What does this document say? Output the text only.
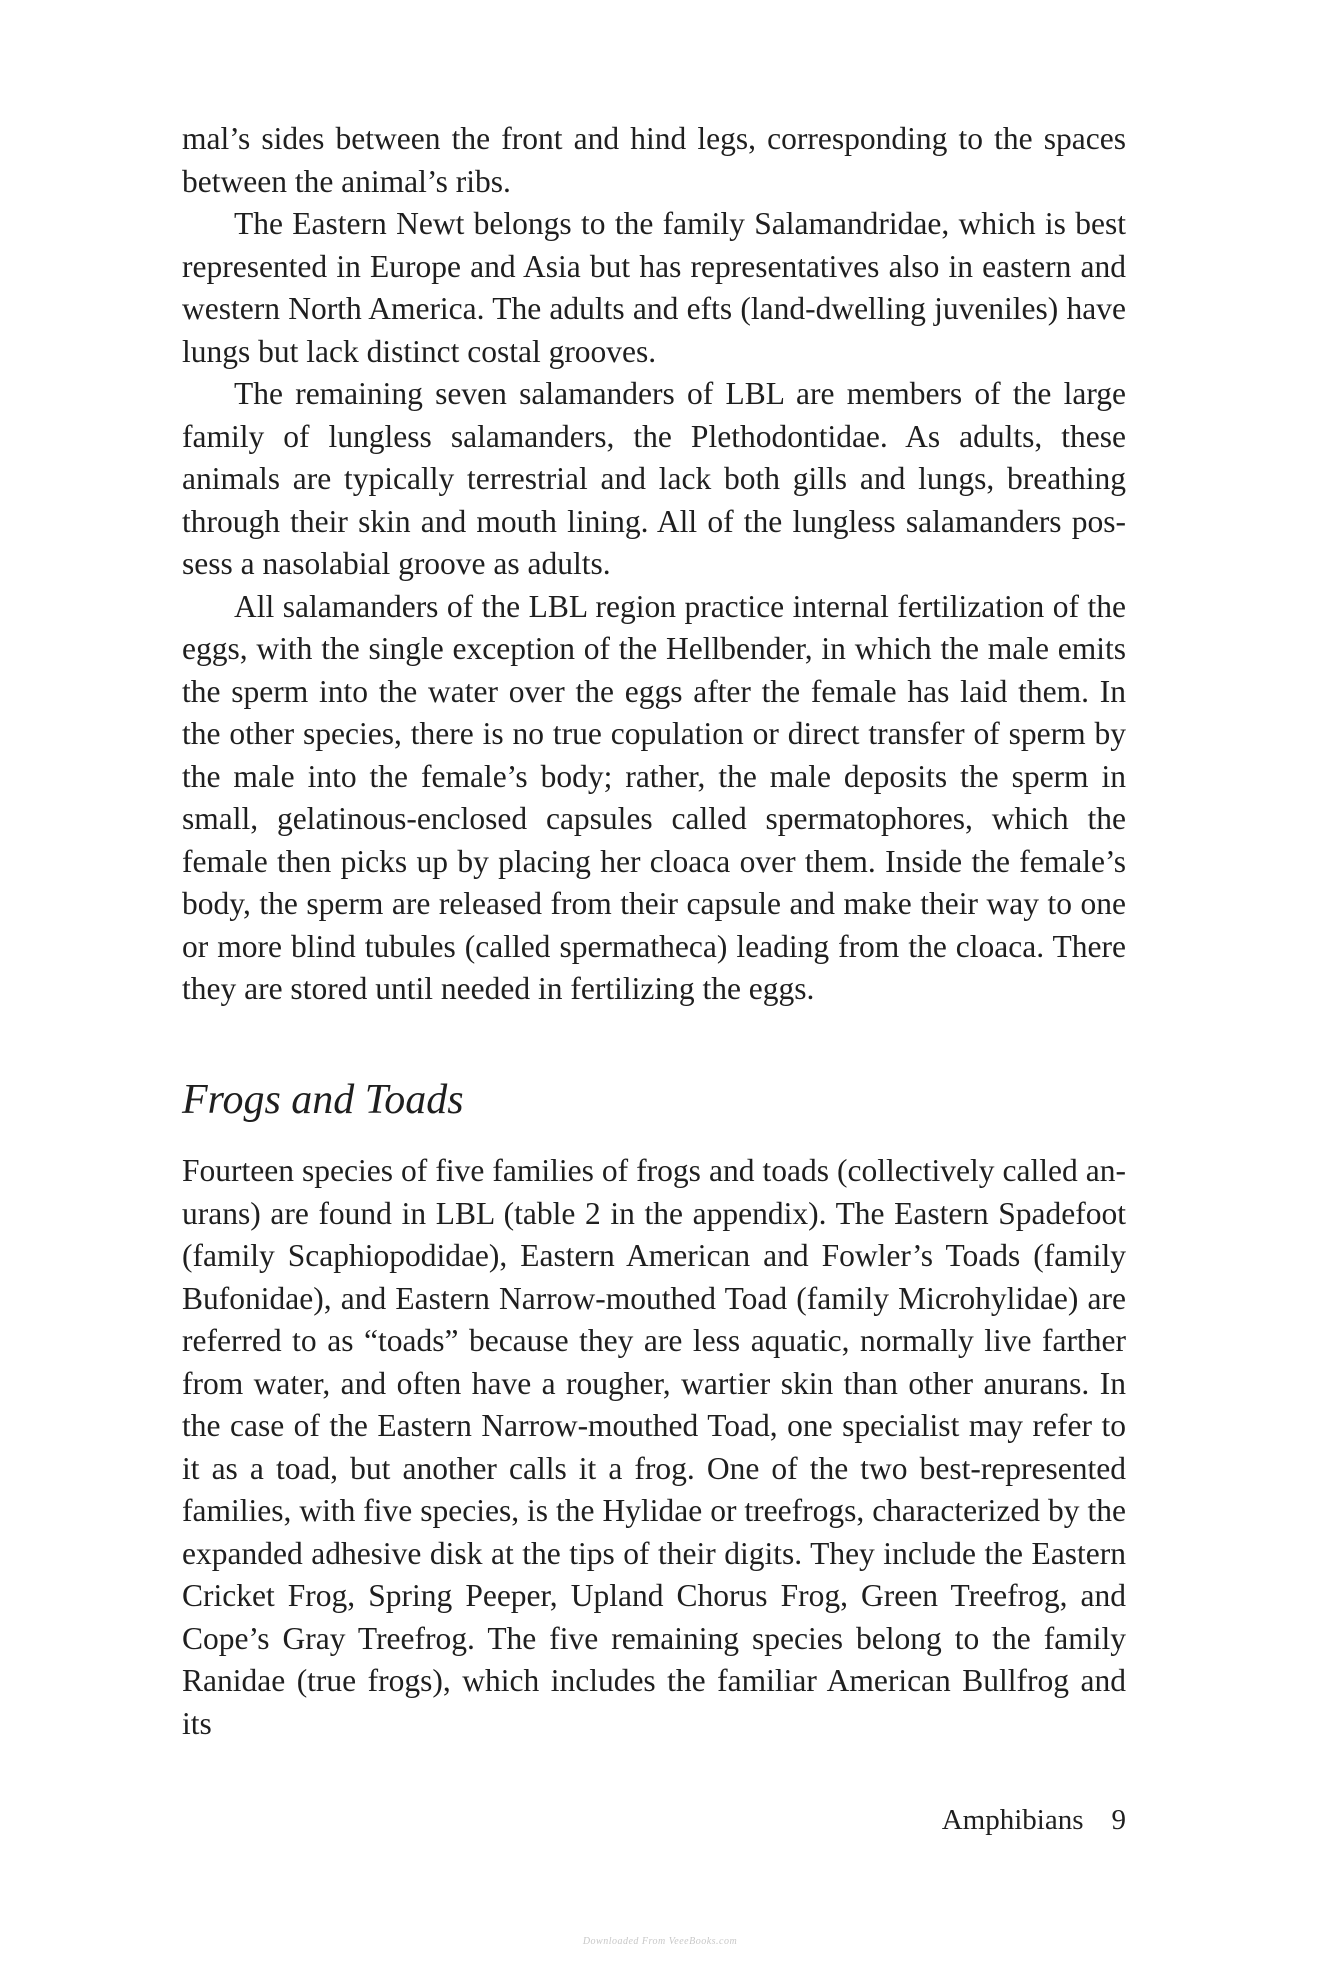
mal’s sides between the front and hind legs, corresponding to the spaces between the animal’s ribs.

The Eastern Newt belongs to the family Salamandridae, which is best represented in Europe and Asia but has representatives also in eastern and western North America. The adults and efts (land-dwelling juveniles) have lungs but lack distinct costal grooves.

The remaining seven salamanders of LBL are members of the large family of lungless salamanders, the Plethodontidae. As adults, these animals are typically terrestrial and lack both gills and lungs, breathing through their skin and mouth lining. All of the lungless salamanders possess a nasolabial groove as adults.

All salamanders of the LBL region practice internal fertilization of the eggs, with the single exception of the Hellbender, in which the male emits the sperm into the water over the eggs after the female has laid them. In the other species, there is no true copulation or direct transfer of sperm by the male into the female’s body; rather, the male deposits the sperm in small, gelatinous-enclosed capsules called spermatophores, which the female then picks up by placing her cloaca over them. Inside the female’s body, the sperm are released from their capsule and make their way to one or more blind tubules (called spermatheca) leading from the cloaca. There they are stored until needed in fertilizing the eggs.

Frogs and Toads

Fourteen species of five families of frogs and toads (collectively called anurans) are found in LBL (table 2 in the appendix). The Eastern Spadefoot (family Scaphiopodidae), Eastern American and Fowler’s Toads (family Bufonidae), and Eastern Narrow-mouthed Toad (family Microhylidae) are referred to as “toads” because they are less aquatic, normally live farther from water, and often have a rougher, wartier skin than other anurans. In the case of the Eastern Narrow-mouthed Toad, one specialist may refer to it as a toad, but another calls it a frog. One of the two best-represented families, with five species, is the Hylidae or treefrogs, characterized by the expanded adhesive disk at the tips of their digits. They include the Eastern Cricket Frog, Spring Peeper, Upland Chorus Frog, Green Treefrog, and Cope’s Gray Treefrog. The five remaining species belong to the family Ranidae (true frogs), which includes the familiar American Bullfrog and its

Amphibians 9
Downloaded From VeeeBooks.com
